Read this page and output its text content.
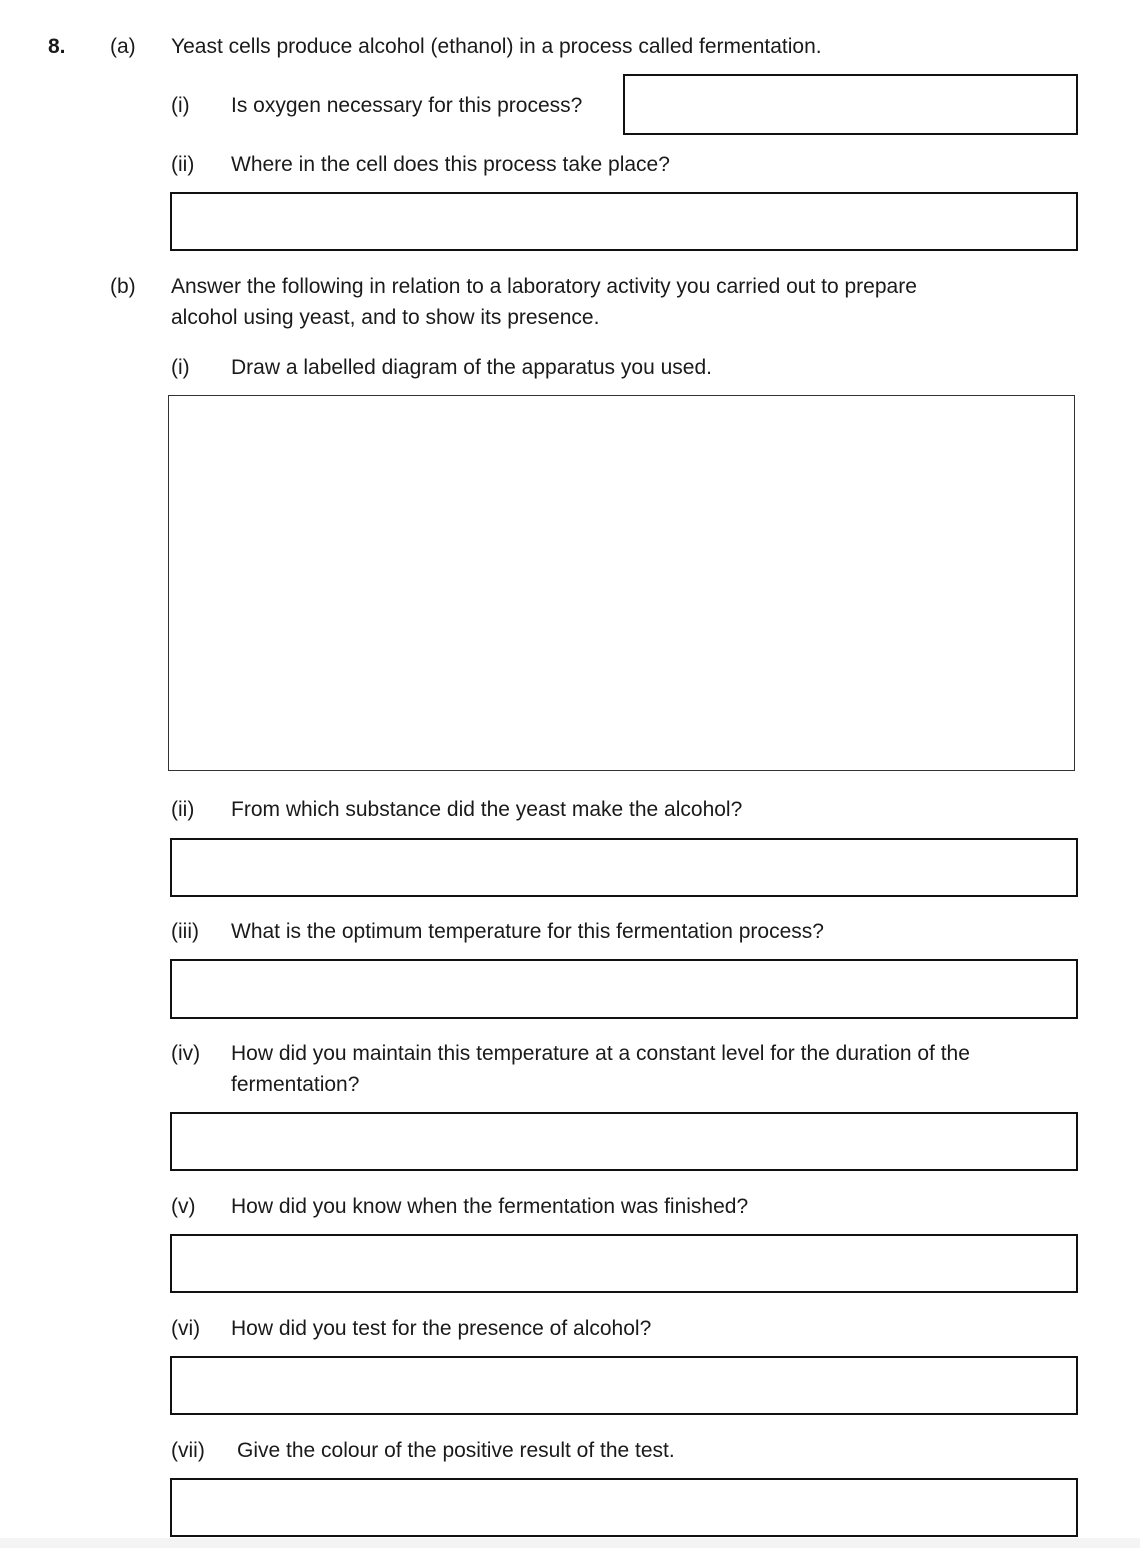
8. (a) Yeast cells produce alcohol (ethanol) in a process called fermentation.
(i) Is oxygen necessary for this process?
(ii) Where in the cell does this process take place?
(b) Answer the following in relation to a laboratory activity you carried out to prepare
alcohol using yeast, and to show its presence.
(i) Draw a labelled diagram of the apparatus you used.
(ii) From which substance did the yeast make the alcohol?
(iii) What is the optimum temperature for this fermentation process?
(iv) How did you maintain this temperature at a constant level for the duration of the
fermentation?
(v) How did you know when the fermentation was finished?
(vi) How did you test for the presence of alcohol?
(vii) Give the colour of the positive result of the test.
